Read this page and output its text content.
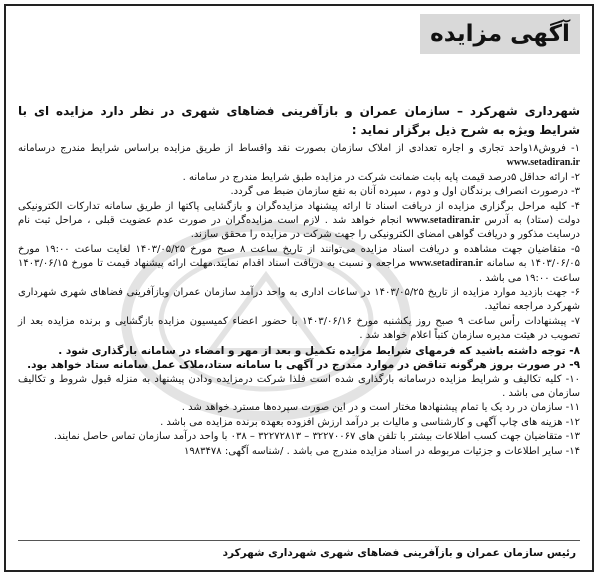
آگهی مزایده
شهرداری شهرکرد – سازمان عمران و بازآفرینی فضاهای شهری در نظر دارد مزایده ای با شرایط ویژه به شرح ذیل برگزار نماید :

۱- فروش۱۸واحد تجاری و اجاره تعدادی از املاک سازمان بصورت نقد واقساط از طریق مزایده براساس شرایط مندرج درسامانه www.setadiran.ir

۲- ارائه حداقل ۵درصد قیمت پایه بابت ضمانت شرکت در مزایده طبق شرایط مندرج در سامانه .

۳- درصورت انصراف برندگان اول و دوم ، سپرده آنان به نفع سازمان ضبط می گردد.

۴- کلیه مراحل برگزاری مزایده از دریافت اسناد تا ارائه پیشنهاد مزایده‌گران و بازگشایی پاکتها از طریق سامانه تدارکات الکترونیکی دولت (ستاد) به آدرس www.setadiran.ir انجام خواهد شد . لازم است مزایده‌گران در صورت عدم عضویت قبلی ، مراحل ثبت نام درسایت مذکور و دریافت گواهی امضای الکترونیکی را جهت شرکت در مزایده را محقق سازند.

۵- متقاضیان جهت مشاهده و دریافت اسناد مزایده می‌توانند از تاریخ ساعت ۸ صبح مورخ ۱۴۰۳/۰۵/۲۵ لغایت ساعت ۱۹:۰۰ مورخ ۱۴۰۳/۰۶/۰۵ به سامانه www.setadiran.ir مراجعه و نسبت به دریافت اسناد اقدام نمایند.مهلت ارائه پیشنهاد قیمت تا مورخ ۱۴۰۳/۰۶/۱۵ ساعت ۱۹:۰۰ می باشد .

۶- جهت بازدید موارد مزایده از تاریخ ۱۴۰۳/۰۵/۲۵ در ساعات اداری به واحد درآمد سازمان عمران وبازآفرینی فضاهای شهری شهرداری شهرکرد مراجعه نمائید.

۷- پیشنهادات رأس ساعت ۹ صبح روز یکشنبه مورخ ۱۴۰۳/۰۶/۱۶ با حضور اعضاء کمیسیون مزایده بازگشایی و برنده مزایده بعد از تصویب در هیئت مدیره سازمان کتباً اعلام خواهد شد .

۸- توجه داشته باشید که فرمهای شرایط مزایده تکمیل و بعد از مهر و امضاء در سامانه بارگذاری شود .

۹- در صورت بروز هرگونه تناقض در موارد مندرج در آگهی با سامانه ستاد،ملاک عمل سامانه ستاد خواهد بود.

۱۰- کلیه تکالیف و شرایط مزایده درسامانه بارگذاری شده است فلذا شرکت درمزایده ودادن پیشنهاد به منزله قبول شروط و تکالیف سازمان می باشد .

۱۱- سازمان در رد یک یا تمام پیشنهادها مختار است و در این صورت سپرده‌ها مسترد خواهد شد .

۱۲- هزینه های چاپ آگهی و کارشناسی و مالیات بر درآمد ارزش افزوده بعهده برنده مزایده می باشد .

۱۳- متقاضیان جهت کسب اطلاعات بیشتر با تلفن های ۳۲۲۷۰۰۶۷ – ۳۲۲۷۲۸۱۳ – ۰۳۸ با واحد درآمد سازمان تماس حاصل نمایند.

۱۴- سایر اطلاعات و جزئیات مربوطه در اسناد مزایده مندرج می باشد . /شناسه آگهی: ۱۹۸۳۴۷۸

رئیس سازمان عمران و بازآفرینی فضاهای شهری شهرداری شهرکرد
